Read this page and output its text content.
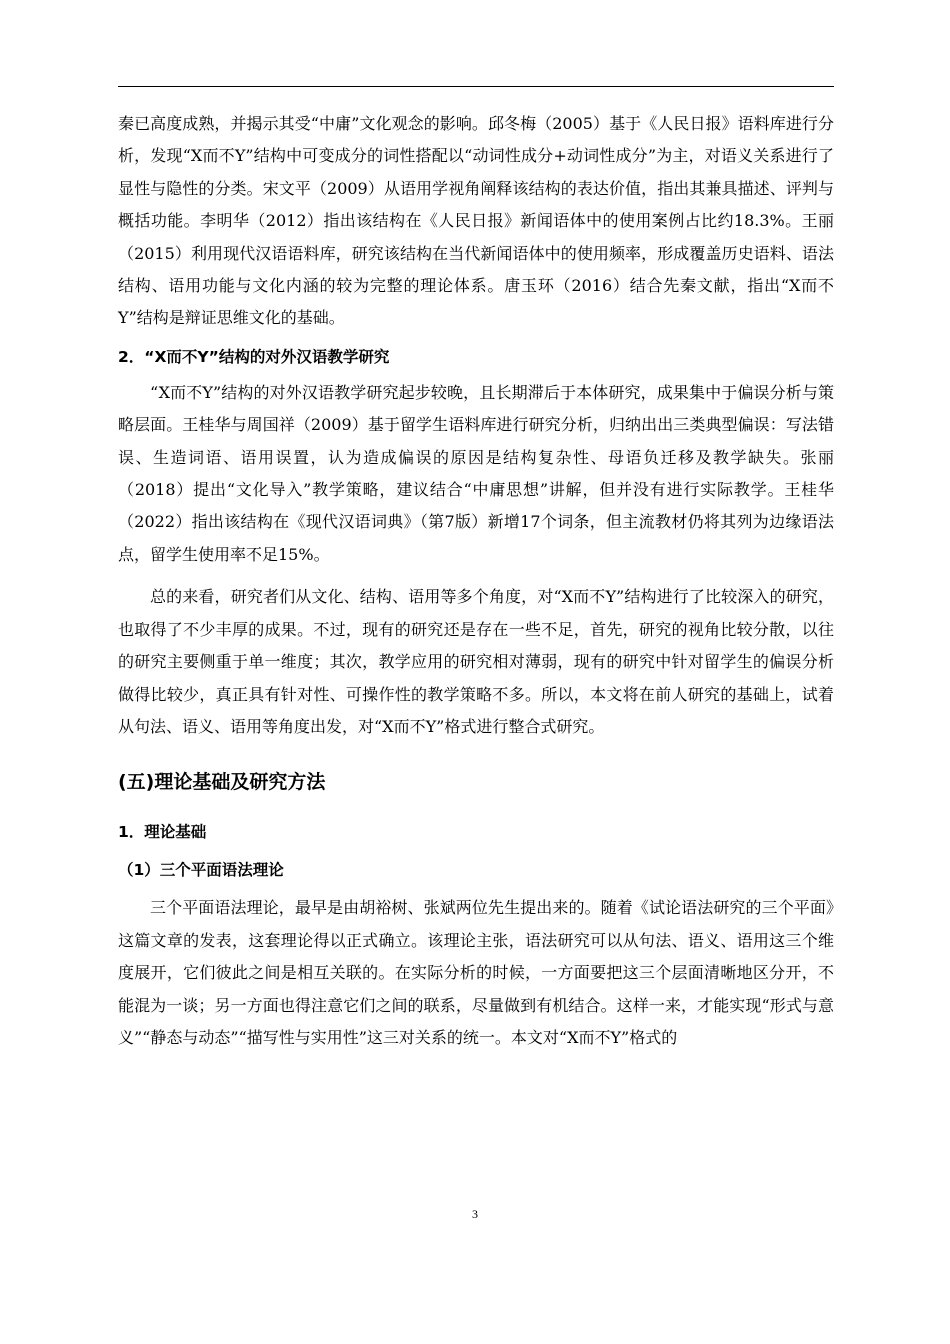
秦已高度成熟，并揭示其受“中庸”文化观念的影响。邱冬梅（2005）基于《人民日报》语料库进行分析，发现“X而不Y”结构中可变成分的词性搭配以“动词性成分+动词性成分”为主，对语义关系进行了显性与隐性的分类。宋文平（2009）从语用学视角阐释该结构的表达价值，指出其兼具描述、评判与概括功能。李明华（2012）指出该结构在《人民日报》新闻语体中的使用案例占比约18.3%。王丽（2015）利用现代汉语语料库，研究该结构在当代新闻语体中的使用频率，形成覆盖历史语料、语法结构、语用功能与文化内涵的较为完整的理论体系。唐玉环（2016）结合先秦文献，指出“X而不Y”结构是辩证思维文化的基础。

2．“X而不Y”结构的对外汉语教学研究

“X而不Y”结构的对外汉语教学研究起步较晚，且长期滞后于本体研究，成果集中于偏误分析与策略层面。王桂华与周国祥（2009）基于留学生语料库进行研究分析，归纳出出三类典型偏误：写法错误、生造词语、语用误置，认为造成偏误的原因是结构复杂性、母语负迁移及教学缺失。张丽（2018）提出“文化导入”教学策略，建议结合“中庸思想”讲解，但并没有进行实际教学。王桂华（2022）指出该结构在《现代汉语词典》（第7版）新增17个词条，但主流教材仍将其列为边缘语法点，留学生使用率不足15%。

总的来看，研究者们从文化、结构、语用等多个角度，对“X而不Y”结构进行了比较深入的研究，也取得了不少丰厚的成果。不过，现有的研究还是存在一些不足，首先，研究的视角比较分散，以往的研究主要侧重于单一维度；其次，教学应用的研究相对薄弱，现有的研究中针对留学生的偏误分析做得比较少，真正具有针对性、可操作性的教学策略不多。所以，本文将在前人研究的基础上，试着从句法、语义、语用等角度出发，对“X而不Y”格式进行整合式研究。

(五)理论基础及研究方法
1．理论基础
（1）三个平面语法理论

三个平面语法理论，最早是由胡裕树、张斌两位先生提出来的。随着《试论语法研究的三个平面》这篇文章的发表，这套理论得以正式确立。该理论主张，语法研究可以从句法、语义、语用这三个维度展开，它们彼此之间是相互关联的。在实际分析的时候，一方面要把这三个层面清晰地区分开，不能混为一谈；另一方面也得注意它们之间的联系，尽量做到有机结合。这样一来，才能实现“形式与意义”“静态与动态”“描写性与实用性”这三对关系的统一。本文对“X而不Y”格式的

3
